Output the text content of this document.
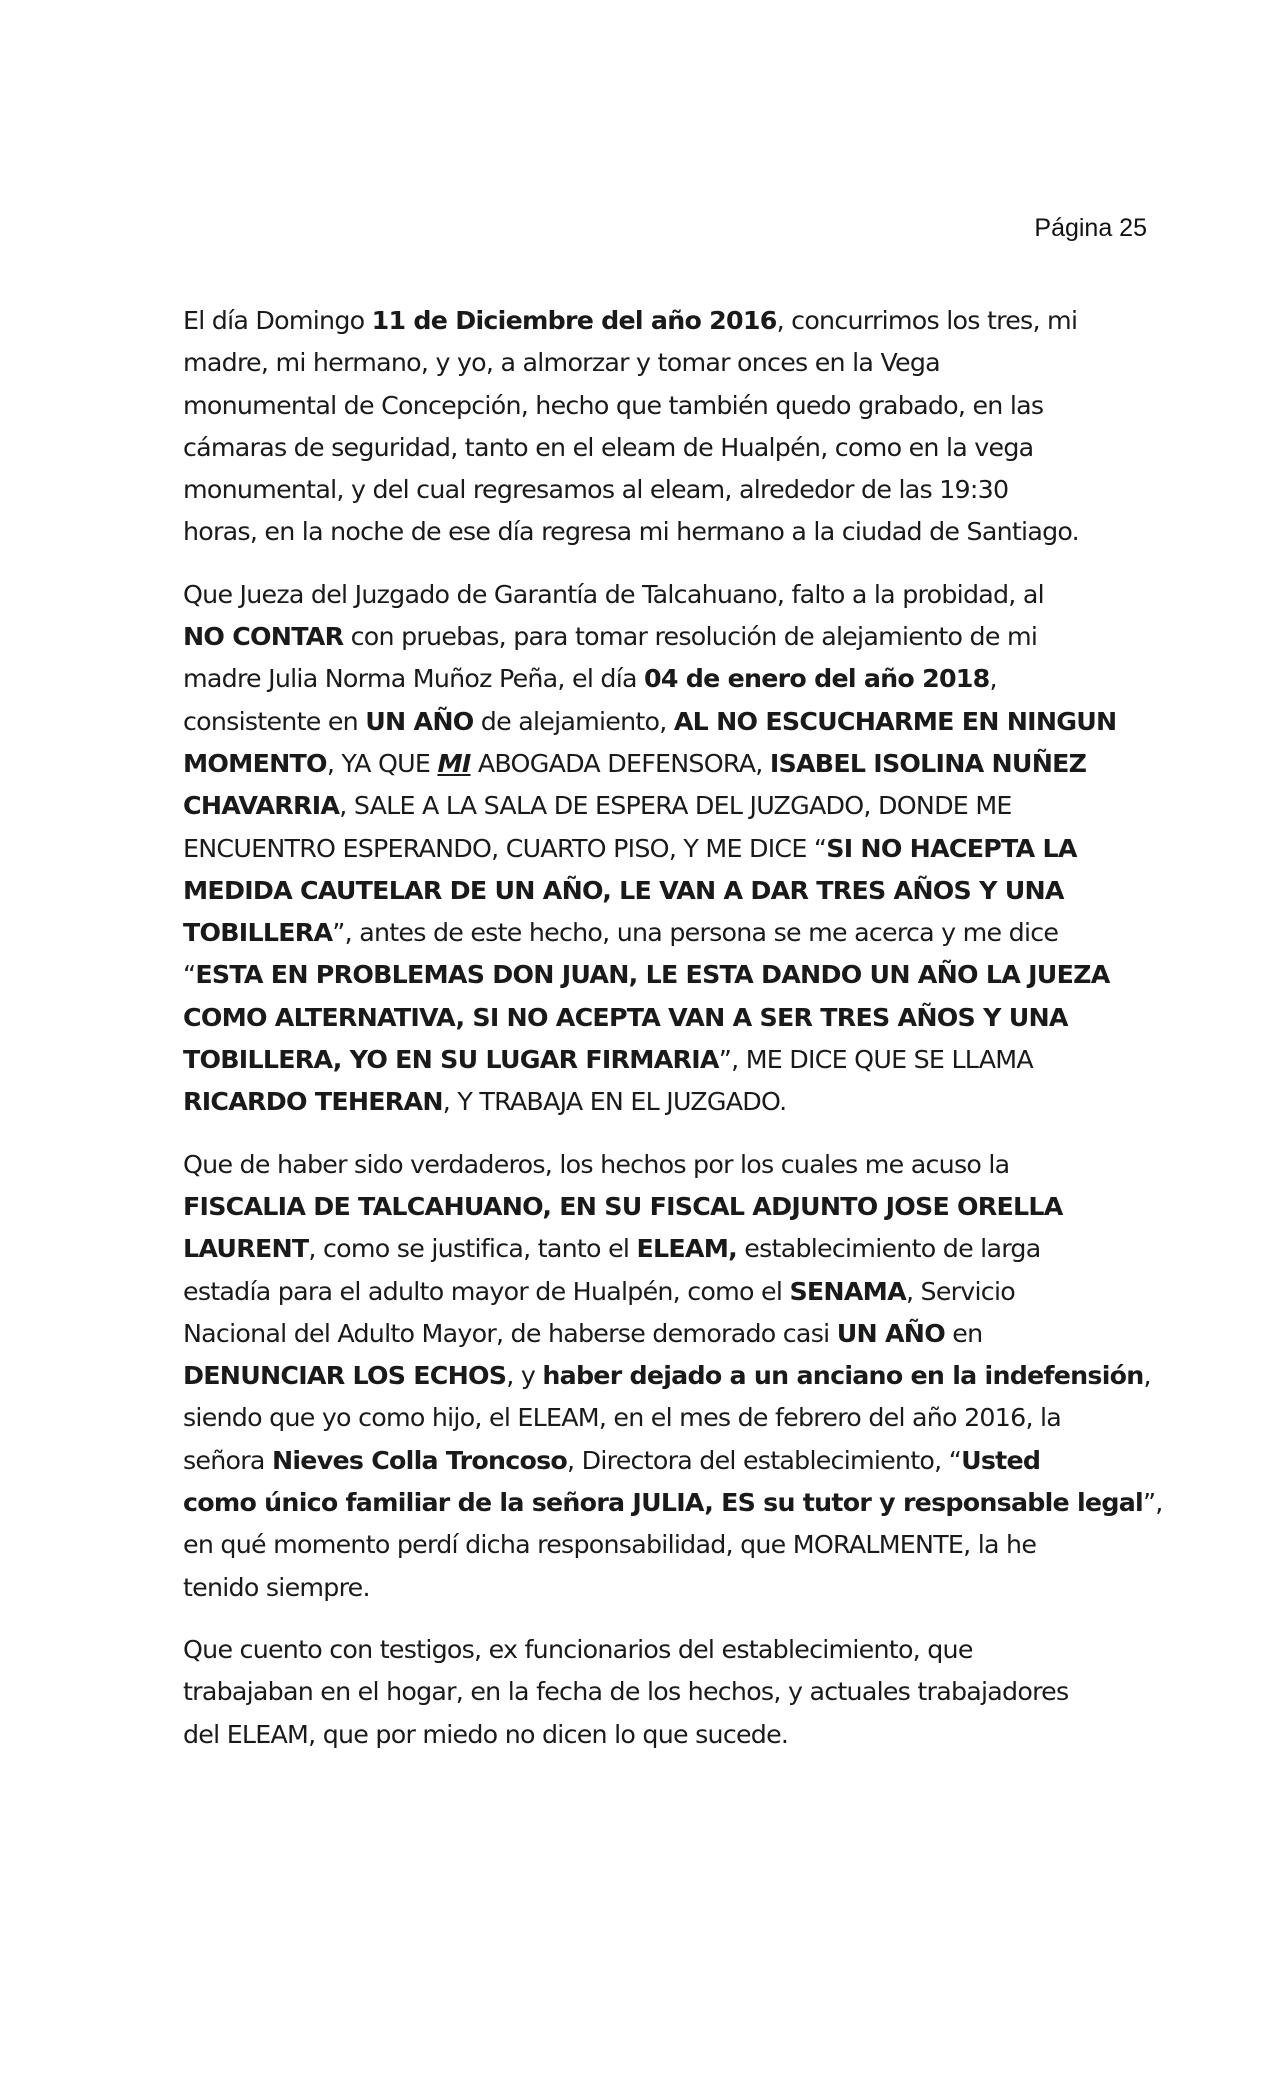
Página 25

El día Domingo 11 de Diciembre del año 2016, concurrimos los tres, mi
madre, mi hermano, y yo, a almorzar y tomar onces en la Vega
monumental de Concepción, hecho que también quedo grabado, en las
cámaras de seguridad, tanto en el eleam de Hualpén, como en la vega
monumental, y del cual regresamos al eleam, alrededor de las 19:30
horas, en la noche de ese día regresa mi hermano a la ciudad de Santiago.

Que Jueza del Juzgado de Garantía de Talcahuano, falto a la probidad, al
NO CONTAR con pruebas, para tomar resolución de alejamiento de mi
madre Julia Norma Muñoz Peña, el día 04 de enero del año 2018,
consistente en UN AÑO de alejamiento, AL NO ESCUCHARME EN NINGUN
MOMENTO, YA QUE MI ABOGADA DEFENSORA, ISABEL ISOLINA NUÑEZ
CHAVARRIA, SALE A LA SALA DE ESPERA DEL JUZGADO, DONDE ME
ENCUENTRO ESPERANDO, CUARTO PISO, Y ME DICE “SI NO HACEPTA LA
MEDIDA CAUTELAR DE UN AÑO, LE VAN A DAR TRES AÑOS Y UNA
TOBILLERA”, antes de este hecho, una persona se me acerca y me dice
“ESTA EN PROBLEMAS DON JUAN, LE ESTA DANDO UN AÑO LA JUEZA
COMO ALTERNATIVA, SI NO ACEPTA VAN A SER TRES AÑOS Y UNA
TOBILLERA, YO EN SU LUGAR FIRMARIA”, ME DICE QUE SE LLAMA
RICARDO TEHERAN, Y TRABAJA EN EL JUZGADO.

Que de haber sido verdaderos, los hechos por los cuales me acuso la
FISCALIA DE TALCAHUANO, EN SU FISCAL ADJUNTO JOSE ORELLA
LAURENT, como se justifica, tanto el ELEAM, establecimiento de larga
estadía para el adulto mayor de Hualpén, como el SENAMA, Servicio
Nacional del Adulto Mayor, de haberse demorado casi UN AÑO en
DENUNCIAR LOS ECHOS, y haber dejado a un anciano en la indefensión,
siendo que yo como hijo, el ELEAM, en el mes de febrero del año 2016, la
señora Nieves Colla Troncoso, Directora del establecimiento, “Usted
como único familiar de la señora JULIA, ES su tutor y responsable legal”,
en qué momento perdí dicha responsabilidad, que MORALMENTE, la he
tenido siempre.

Que cuento con testigos, ex funcionarios del establecimiento, que
trabajaban en el hogar, en la fecha de los hechos, y actuales trabajadores
del ELEAM, que por miedo no dicen lo que sucede.
